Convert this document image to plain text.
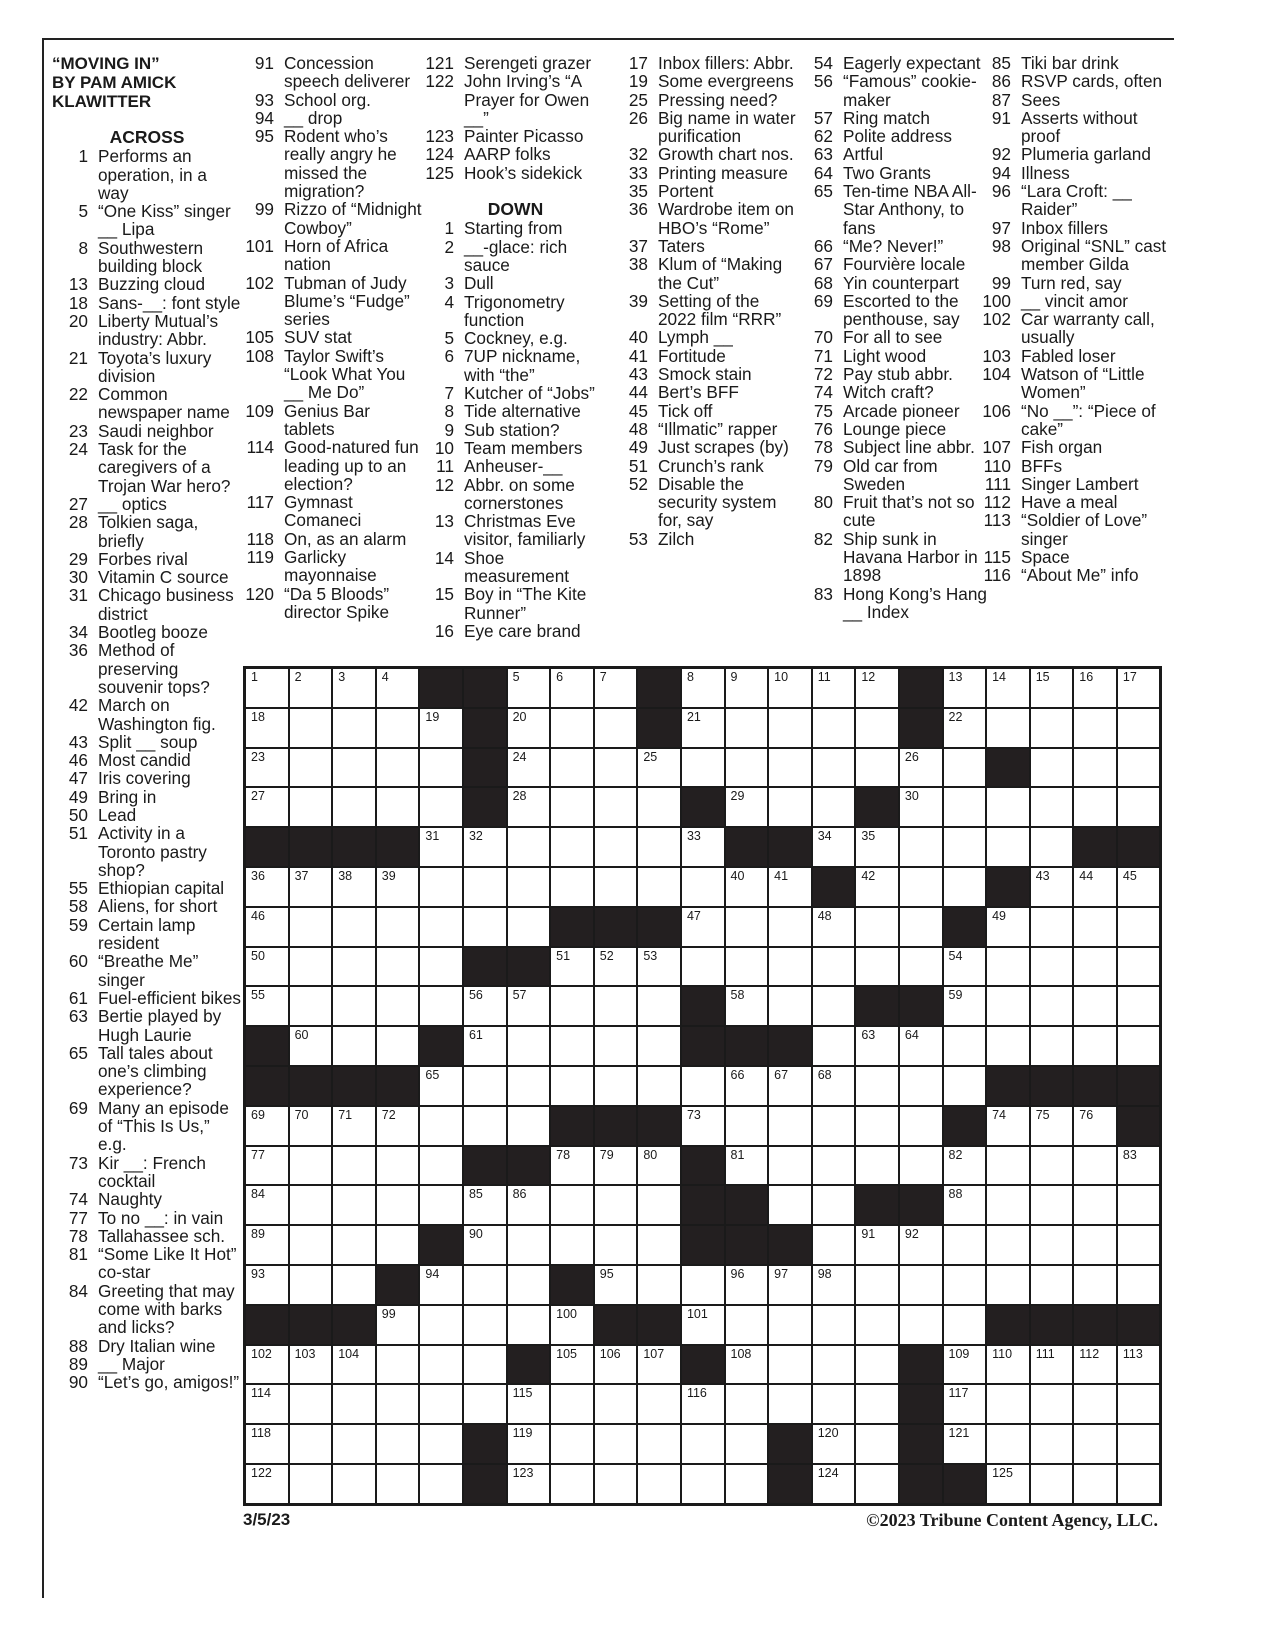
“MOVING IN”
BY PAM AMICK
KLAWITTER
ACROSS
1 Performs an operation, in a way
5 “One Kiss” singer __ Lipa
8 Southwestern building block
13 Buzzing cloud
18 Sans-__: font style
20 Liberty Mutual’s industry: Abbr.
21 Toyota’s luxury division
22 Common newspaper name
23 Saudi neighbor
24 Task for the caregivers of a Trojan War hero?
27 __ optics
28 Tolkien saga, briefly
29 Forbes rival
30 Vitamin C source
31 Chicago business district
34 Bootleg booze
36 Method of preserving souvenir tops?
42 March on Washington fig.
43 Split __ soup
46 Most candid
47 Iris covering
49 Bring in
50 Lead
51 Activity in a Toronto pastry shop?
55 Ethiopian capital
58 Aliens, for short
59 Certain lamp resident
60 “Breathe Me” singer
61 Fuel-efficient bikes
63 Bertie played by Hugh Laurie
65 Tall tales about one’s climbing experience?
69 Many an episode of “This Is Us,” e.g.
73 Kir __: French cocktail
74 Naughty
77 To no __: in vain
78 Tallahassee sch.
81 “Some Like It Hot” co-star
84 Greeting that may come with barks and licks?
88 Dry Italian wine
89 __ Major
90 “Let’s go, amigos!”
91 Concession speech deliverer
93 School org.
94 __ drop
95 Rodent who’s really angry he missed the migration?
99 Rizzo of “Midnight Cowboy”
101 Horn of Africa nation
102 Tubman of Judy Blume’s “Fudge” series
105 SUV stat
108 Taylor Swift’s “Look What You __ Me Do”
109 Genius Bar tablets
114 Good-natured fun leading up to an election?
117 Gymnast Comaneci
118 On, as an alarm
119 Garlicky mayonnaise
120 “Da 5 Bloods” director Spike
121 Serengeti grazer
122 John Irving’s “A Prayer for Owen __”
123 Painter Picasso
124 AARP folks
125 Hook’s sidekick
DOWN
1 Starting from
2 __-glace: rich sauce
3 Dull
4 Trigonometry function
5 Cockney, e.g.
6 7UP nickname, with “the”
7 Kutcher of “Jobs”
8 Tide alternative
9 Sub station?
10 Team members
11 Anheuser-__
12 Abbr. on some cornerstones
13 Christmas Eve visitor, familiarly
14 Shoe measurement
15 Boy in “The Kite Runner”
16 Eye care brand
17 Inbox fillers: Abbr.
19 Some evergreens
25 Pressing need?
26 Big name in water purification
32 Growth chart nos.
33 Printing measure
35 Portent
36 Wardrobe item on HBO’s “Rome”
37 Taters
38 Klum of “Making the Cut”
39 Setting of the 2022 film “RRR”
40 Lymph __
41 Fortitude
43 Smock stain
44 Bert’s BFF
45 Tick off
48 “Illmatic” rapper
49 Just scrapes (by)
51 Crunch’s rank
52 Disable the security system for, say
53 Zilch
54 Eagerly expectant
56 “Famous” cookie-maker
57 Ring match
62 Polite address
63 Artful
64 Two Grants
65 Ten-time NBA All-Star Anthony, to fans
66 “Me? Never!”
67 Fourvière locale
68 Yin counterpart
69 Escorted to the penthouse, say
70 For all to see
71 Light wood
72 Pay stub abbr.
74 Witch craft?
75 Arcade pioneer
76 Lounge piece
78 Subject line abbr.
79 Old car from Sweden
80 Fruit that’s not so cute
82 Ship sunk in Havana Harbor in 1898
83 Hong Kong’s Hang __ Index
85 Tiki bar drink
86 RSVP cards, often
87 Sees
91 Asserts without proof
92 Plumeria garland
94 Illness
96 “Lara Croft: __ Raider”
97 Inbox fillers
98 Original “SNL” cast member Gilda
99 Turn red, say
100 __ vincit amor
102 Car warranty call, usually
103 Fabled loser
104 Watson of “Little Women”
106 “No __”: “Piece of cake”
107 Fish organ
110 BFFs
111 Singer Lambert
112 Have a meal
113 “Soldier of Love” singer
115 Space
116 “About Me” info
1	2	3	4	5	6	7	8	9	10 11 12	13 14 15 16 17
18	19	20	21	22
23	24	25	26
27	28	29	30
31 32	33	34 35
36 37 38 39	40 41	42	43 44 45
46	47	48	49
50	51 52 53	54
55	56 57	58	59
60	61	63 64
65	66 67 68
69 70 71 72	73	74 75 76
77	78 79 80	81	82	83
84	85 86	88
89	90	91 92
93	94	95	96 97 98
99	100	101
102 103 104	105 106 107	108	109 110 111 112 113
114	115	116	117
118	119	120	121
122	123	124	125
3/5/23	©2023 Tribune Content Agency, LLC.
